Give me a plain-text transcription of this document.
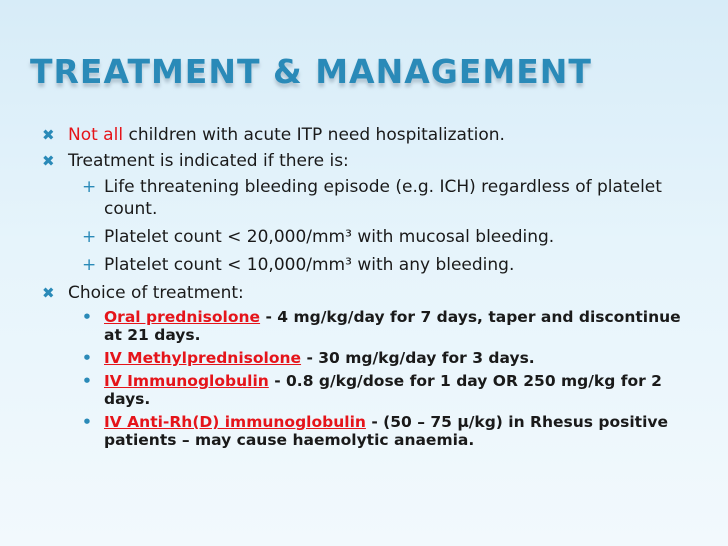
TREATMENT & MANAGEMENT
✖ Not all children with acute ITP need hospitalization.
✖ Treatment is indicated if there is:
+ Life threatening bleeding episode (e.g. ICH) regardless of platelet count.
+ Platelet count < 20,000/mm³ with mucosal bleeding.
+ Platelet count < 10,000/mm³ with any bleeding.
✖ Choice of treatment:
• Oral prednisolone - 4 mg/kg/day for 7 days, taper and discontinue at 21 days.
• IV Methylprednisolone - 30 mg/kg/day for 3 days.
• IV Immunoglobulin - 0.8 g/kg/dose for 1 day OR 250 mg/kg for 2 days.
• IV Anti-Rh(D) immunoglobulin - (50 – 75 μ/kg) in Rhesus positive patients – may cause haemolytic anaemia.
